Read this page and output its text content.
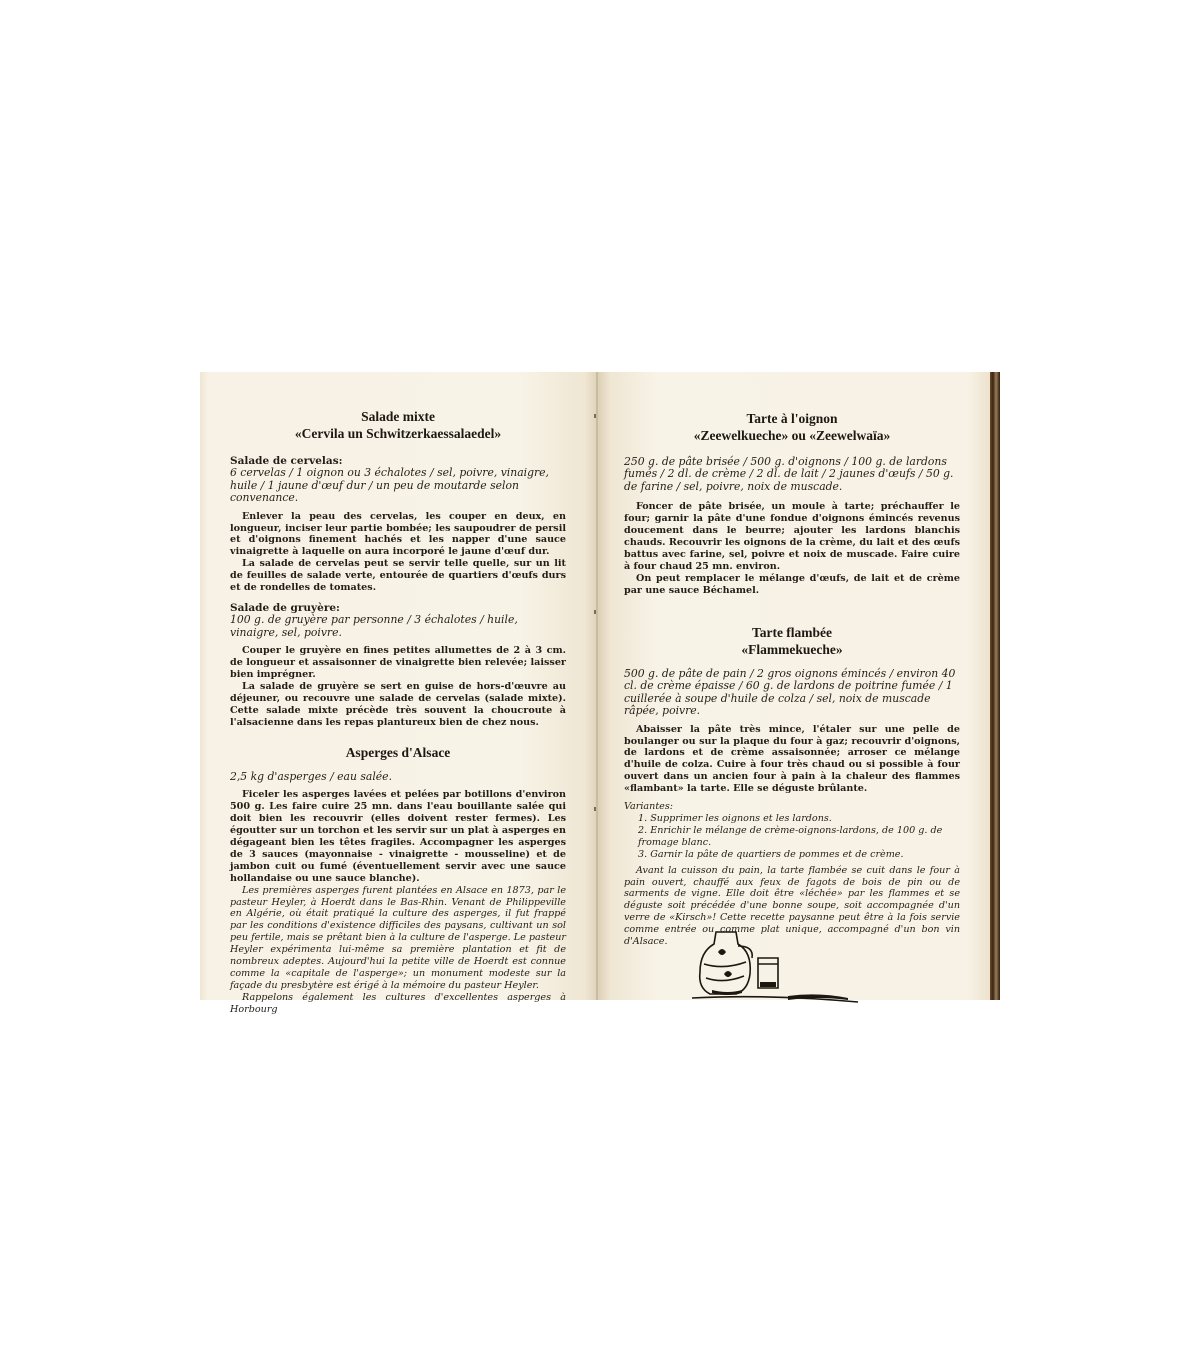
Salade mixte
«Cervila un Schwitzerkaessalaedel»

Salade de cervelas:

6 cervelas / 1 oignon ou 3 échalotes / sel, poivre, vinaigre, huile / 1 jaune d'œuf dur / un peu de moutarde selon convenance.

Enlever la peau des cervelas, les couper en deux, en longueur, inciser leur partie bombée; les saupoudrer de persil et d'oignons finement hachés et les napper d'une sauce vinaigrette à laquelle on aura incorporé le jaune d'œuf dur.

La salade de cervelas peut se servir telle quelle, sur un lit de feuilles de salade verte, entourée de quartiers d'œufs durs et de rondelles de tomates.

Salade de gruyère:

100 g. de gruyère par personne / 3 échalotes / huile, vinaigre, sel, poivre.

Couper le gruyère en fines petites allumettes de 2 à 3 cm. de longueur et assaisonner de vinaigrette bien relevée; laisser bien imprégner.

La salade de gruyère se sert en guise de hors-d'œuvre au déjeuner, ou recouvre une salade de cervelas (salade mixte). Cette salade mixte précède très souvent la choucroute à l'alsacienne dans les repas plantureux bien de chez nous.

Asperges d'Alsace

2,5 kg d'asperges / eau salée.

Ficeler les asperges lavées et pelées par botillons d'environ 500 g. Les faire cuire 25 mn. dans l'eau bouillante salée qui doit bien les recouvrir (elles doivent rester fermes). Les égoutter sur un torchon et les servir sur un plat à asperges en dégageant bien les têtes fragiles. Accompagner les asperges de 3 sauces (mayonnaise - vinaigrette - mousseline) et de jambon cuit ou fumé (éventuellement servir avec une sauce hollandaise ou une sauce blanche).

Les premières asperges furent plantées en Alsace en 1873, par le pasteur Heyler, à Hoerdt dans le Bas-Rhin. Venant de Philippeville en Algérie, où était pratiqué la culture des asperges, il fut frappé par les conditions d'existence difficiles des paysans, cultivant un sol peu fertile, mais se prêtant bien à la culture de l'asperge. Le pasteur Heyler expérimenta lui-même sa première plantation et fit de nombreux adeptes. Aujourd'hui la petite ville de Hoerdt est connue comme la «capitale de l'asperge»; un monument modeste sur la façade du presbytère est érigé à la mémoire du pasteur Heyler.

Rappelons également les cultures d'excellentes asperges à Horbourg

Tarte à l'oignon
«Zeewelkueche» ou «Zeewelwaïa»

250 g. de pâte brisée / 500 g. d'oignons / 100 g. de lardons fumés / 2 dl. de crème / 2 dl. de lait / 2 jaunes d'œufs / 50 g. de farine / sel, poivre, noix de muscade.

Foncer de pâte brisée, un moule à tarte; préchauffer le four; garnir la pâte d'une fondue d'oignons émincés revenus doucement dans le beurre; ajouter les lardons blanchis chauds. Recouvrir les oignons de la crème, du lait et des œufs battus avec farine, sel, poivre et noix de muscade. Faire cuire à four chaud 25 mn. environ.

On peut remplacer le mélange d'œufs, de lait et de crème par une sauce Béchamel.

Tarte flambée
«Flammekueche»

500 g. de pâte de pain / 2 gros oignons émincés / environ 40 cl. de crème épaisse / 60 g. de lardons de poitrine fumée / 1 cuillerée à soupe d'huile de colza / sel, noix de muscade râpée, poivre.

Abaisser la pâte très mince, l'étaler sur une pelle de boulanger ou sur la plaque du four à gaz; recouvrir d'oignons, de lardons et de crème assaisonnée; arroser ce mélange d'huile de colza. Cuire à four très chaud ou si possible à four ouvert dans un ancien four à pain à la chaleur des flammes «flambant» la tarte. Elle se déguste brûlante.

Variantes:

1. Supprimer les oignons et les lardons.

2. Enrichir le mélange de crème-oignons-lardons, de 100 g. de fromage blanc.

3. Garnir la pâte de quartiers de pommes et de crème.

Avant la cuisson du pain, la tarte flambée se cuit dans le four à pain ouvert, chauffé aux feux de fagots de bois de pin ou de sarments de vigne. Elle doit être «léchée» par les flammes et se déguste soit précédée d'une bonne soupe, soit accompagnée d'un verre de «Kirsch»! Cette recette paysanne peut être à la fois servie comme entrée ou comme plat unique, accompagné d'un bon vin d'Alsace.
